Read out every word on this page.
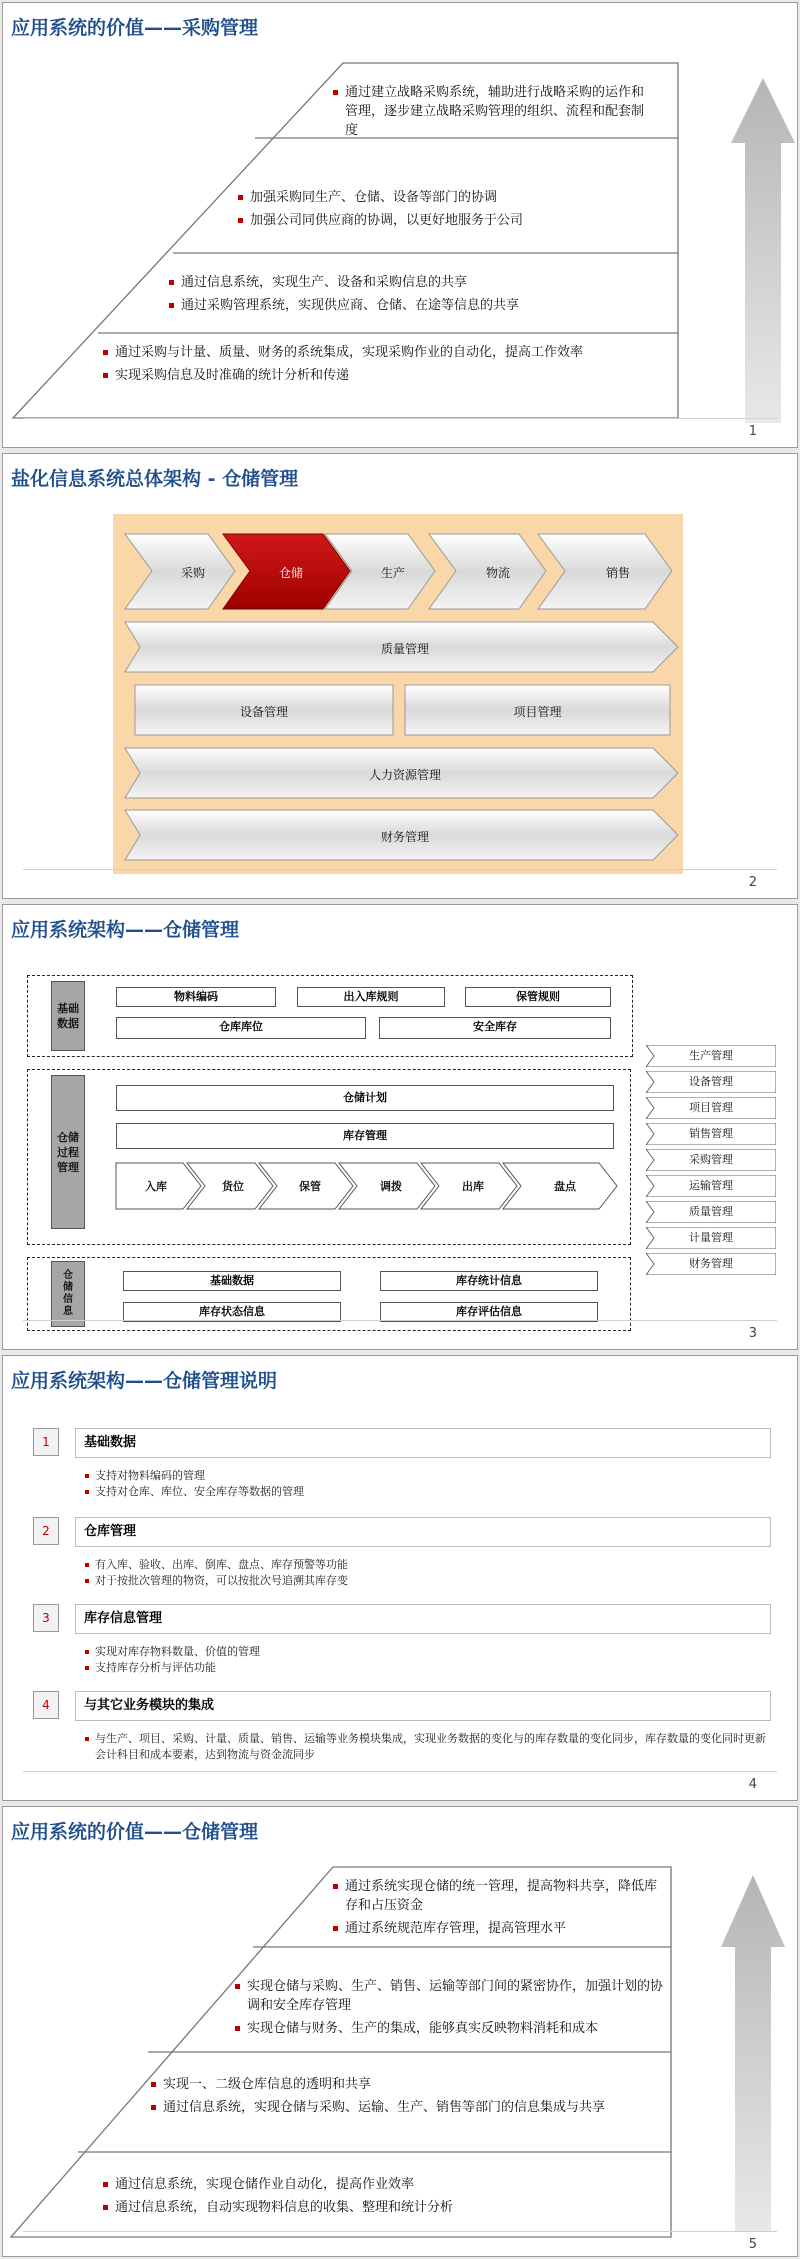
应用系统的价值——采购管理
通过建立战略采购系统，辅助进行战略采购的运作和管理，逐步建立战略采购管理的组织、流程和配套制度
加强采购同生产、仓储、设备等部门的协调
加强公司同供应商的协调，以更好地服务于公司
通过信息系统，实现生产、设备和采购信息的共享
通过采购管理系统，实现供应商、仓储、在途等信息的共享
通过采购与计量、质量、财务的系统集成，实现采购作业的自动化，提高工作效率
实现采购信息及时准确的统计分析和传递
1
盐化信息系统总体架构 - 仓储管理
采购	仓储	生产	物流	销售
质量管理
设备管理	项目管理
人力资源管理
财务管理
2
应用系统架构——仓储管理
基础
数据
物料编码	出入库规则	保管规则
仓库库位	安全库存
仓储
过程
管理
仓储计划
库存管理
入库	货位	保管	调拨	出库	盘点
仓
储
信
息
基础数据	库存统计信息
库存状态信息	库存评估信息
生产管理
设备管理
项目管理
销售管理
采购管理
运输管理
质量管理
计量管理
财务管理
3
应用系统架构——仓储管理说明
1	基础数据
支持对物料编码的管理
支持对仓库、库位、安全库存等数据的管理
2	仓库管理
有入库、验收、出库、倒库、盘点、库存预警等功能
对于按批次管理的物资，可以按批次号追溯其库存变
3	库存信息管理
实现对库存物料数量、价值的管理
支持库存分析与评估功能
4	与其它业务模块的集成
与生产、项目、采购、计量、质量、销售、运输等业务模块集成，实现业务数据的变化与的库存数量的变化同步，库存数量的变化同时更新会计科目和成本要素，达到物流与资金流同步
4
应用系统的价值——仓储管理
通过系统实现仓储的统一管理，提高物料共享，降低库存和占压资金
通过系统规范库存管理，提高管理水平
实现仓储与采购、生产、销售、运输等部门间的紧密协作，加强计划的协调和安全库存管理
实现仓储与财务、生产的集成，能够真实反映物料消耗和成本
实现一、二级仓库信息的透明和共享
通过信息系统，实现仓储与采购、运输、生产、销售等部门的信息集成与共享
通过信息系统，实现仓储作业自动化，提高作业效率
通过信息系统，自动实现物料信息的收集、整理和统计分析
5
